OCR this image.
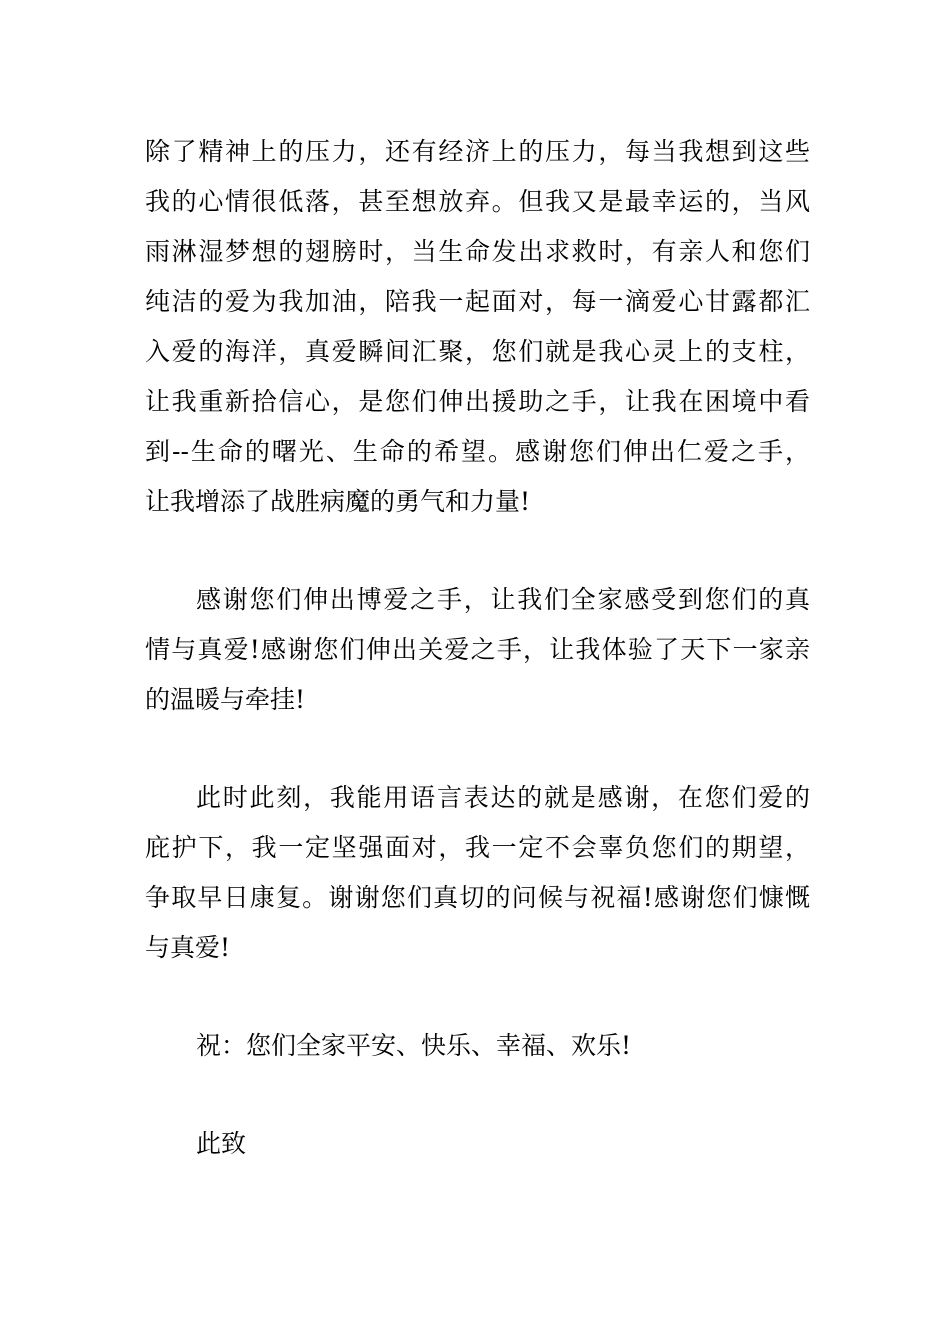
除了精神上的压力，还有经济上的压力，每当我想到这些
我的心情很低落，甚至想放弃。但我又是最幸运的，当风
雨淋湿梦想的翅膀时，当生命发出求救时，有亲人和您们
纯洁的爱为我加油，陪我一起面对，每一滴爱心甘露都汇
入爱的海洋，真爱瞬间汇聚，您们就是我心灵上的支柱，
让我重新拾信心，是您们伸出援助之手，让我在困境中看
到--生命的曙光、生命的希望。感谢您们伸出仁爱之手，
让我增添了战胜病魔的勇气和力量!
感谢您们伸出博爱之手，让我们全家感受到您们的真
情与真爱!感谢您们伸出关爱之手，让我体验了天下一家亲
的温暖与牵挂!
此时此刻，我能用语言表达的就是感谢，在您们爱的
庇护下，我一定坚强面对，我一定不会辜负您们的期望，
争取早日康复。谢谢您们真切的问候与祝福!感谢您们慷慨
与真爱!
祝：您们全家平安、快乐、幸福、欢乐!
此致
